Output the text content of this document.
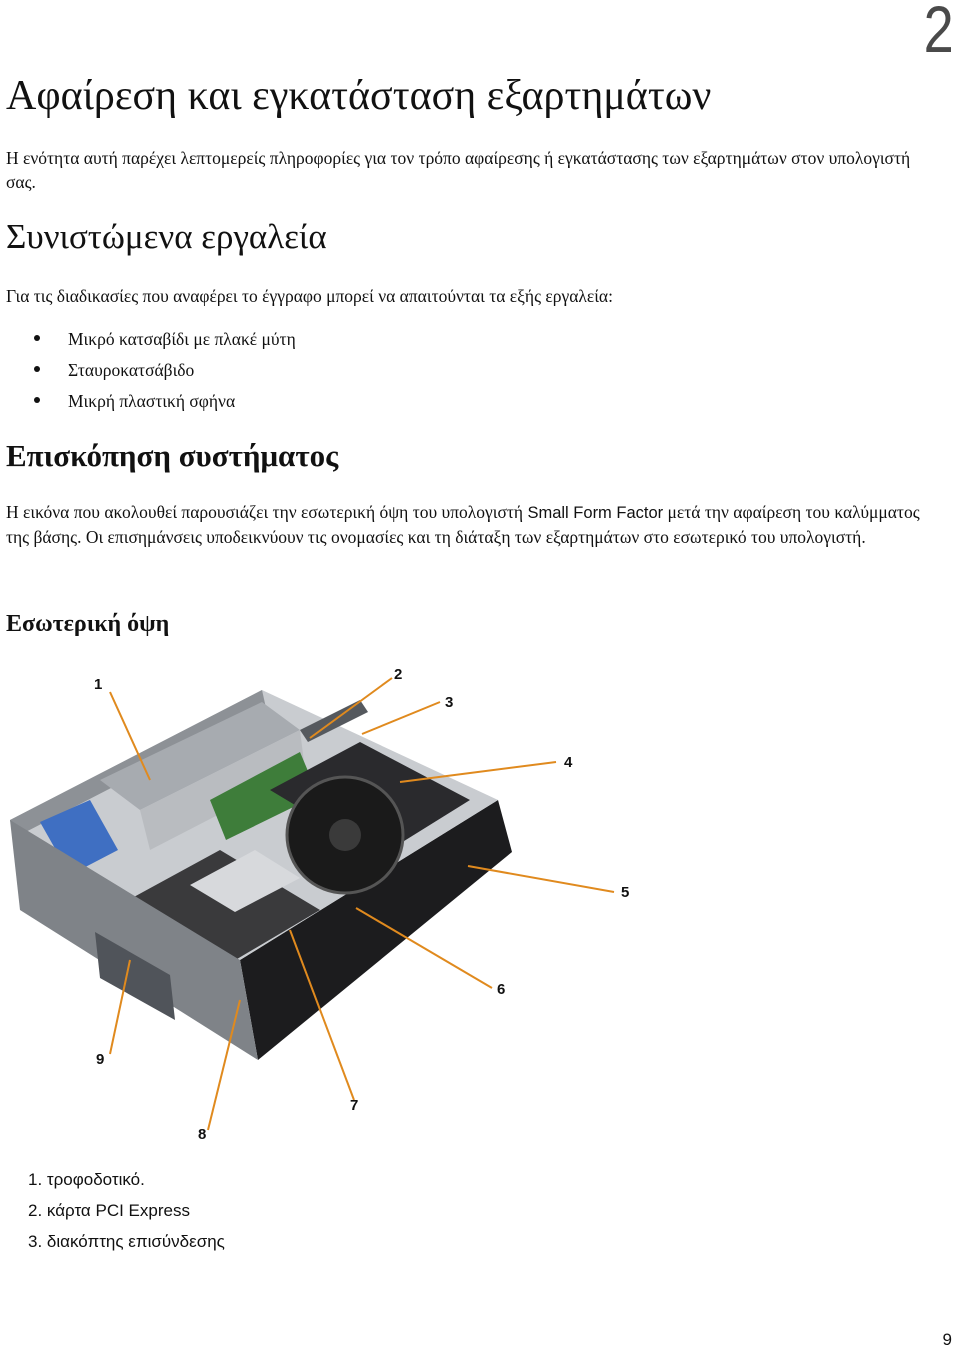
2
Αφαίρεση και εγκατάσταση εξαρτημάτων

Η ενότητα αυτή παρέχει λεπτομερείς πληροφορίες για τον τρόπο αφαίρεσης ή εγκατάστασης των εξαρτημάτων στον υπολογιστή σας.

Συνιστώμενα εργαλεία

Για τις διαδικασίες που αναφέρει το έγγραφο μπορεί να απαιτούνται τα εξής εργαλεία:

Μικρό κατσαβίδι με πλακέ μύτη
Σταυροκατσάβιδο
Μικρή πλαστική σφήνα
Επισκόπηση συστήματος

Η εικόνα που ακολουθεί παρουσιάζει την εσωτερική όψη του υπολογιστή Small Form Factor μετά την αφαίρεση του καλύμματος της βάσης. Οι επισημάνσεις υποδεικνύουν τις ονομασίες και τη διάταξη των εξαρτημάτων στο εσωτερικό του υπολογιστή.

Εσωτερική όψη
1
2
3
4
5
6
7
8
9
1. τροφοδοτικό.
2. κάρτα PCI Express
3. διακόπτης επισύνδεσης
9
